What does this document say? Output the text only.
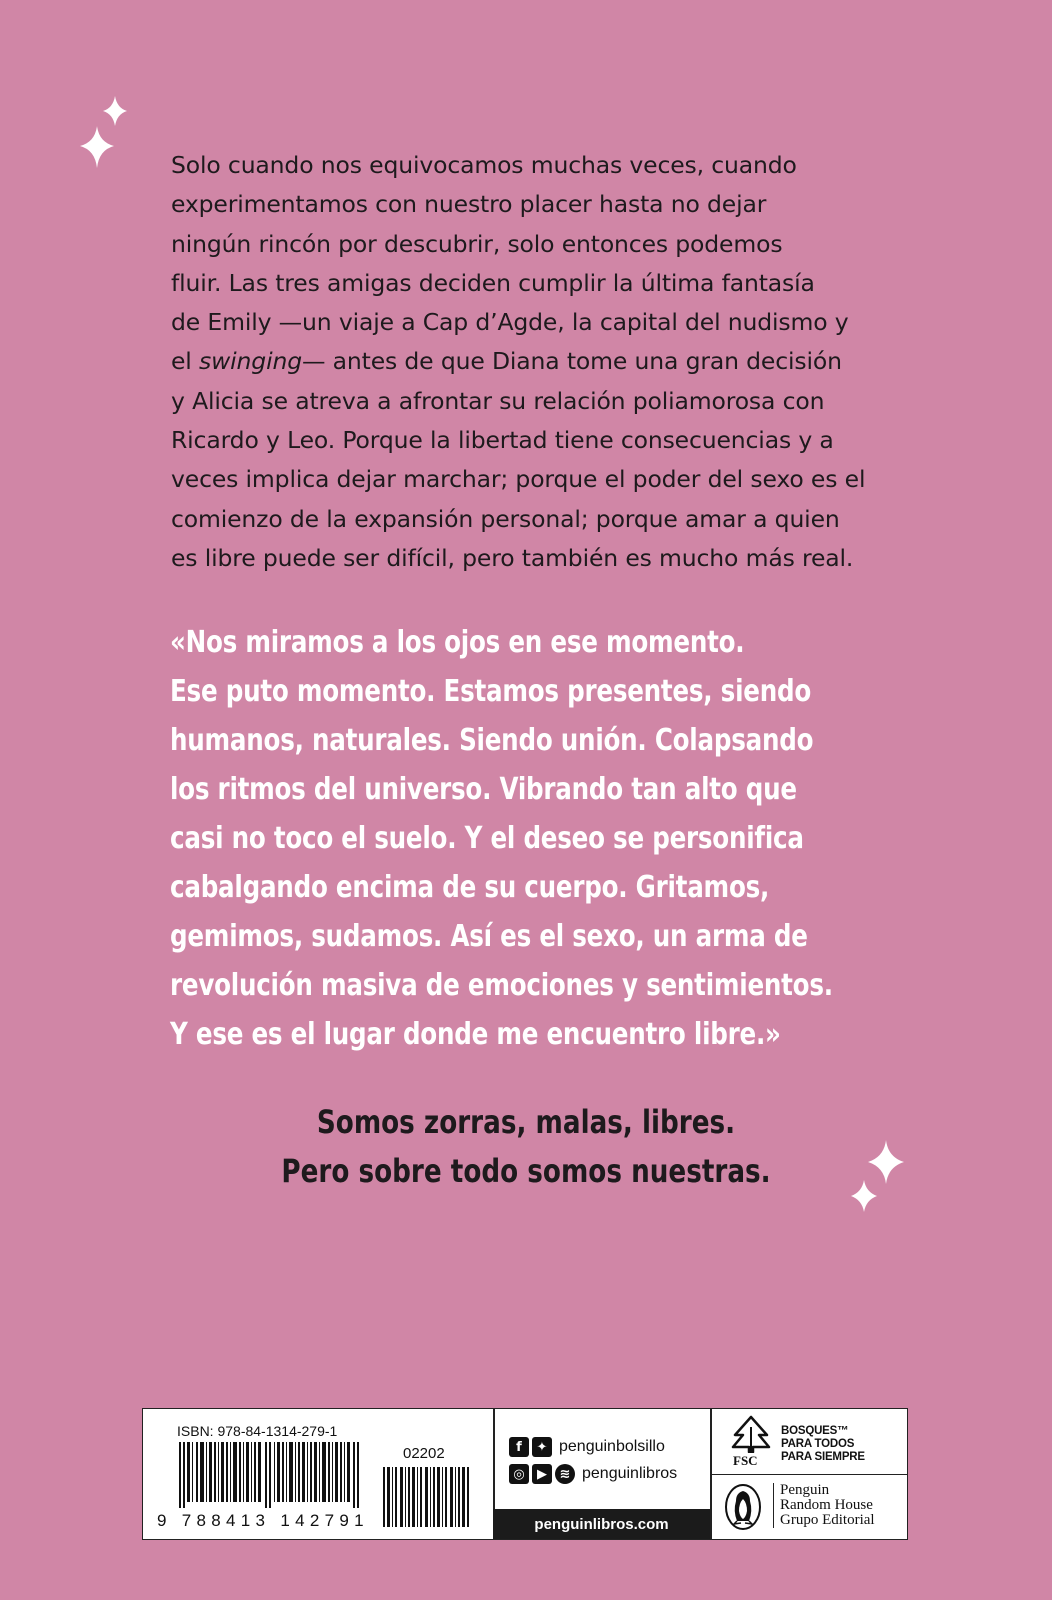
Solo cuando nos equivocamos muchas veces, cuando
experimentamos con nuestro placer hasta no dejar
ningún rincón por descubrir, solo entonces podemos
fluir. Las tres amigas deciden cumplir la última fantasía
de Emily —un viaje a Cap d’Agde, la capital del nudismo y
el swinging— antes de que Diana tome una gran decisión
y Alicia se atreva a afrontar su relación poliamorosa con
Ricardo y Leo. Porque la libertad tiene consecuencias y a
veces implica dejar marchar; porque el poder del sexo es el
comienzo de la expansión personal; porque amar a quien
es libre puede ser difícil, pero también es mucho más real.
«Nos miramos a los ojos en ese momento.
Ese puto momento. Estamos presentes, siendo
humanos, naturales. Siendo unión. Colapsando
los ritmos del universo. Vibrando tan alto que
casi no toco el suelo. Y el deseo se personifica
cabalgando encima de su cuerpo. Gritamos,
gemimos, sudamos. Así es el sexo, un arma de
revolución masiva de emociones y sentimientos.
Y ese es el lugar donde me encuentro libre.»
Somos zorras, malas, libres.
Pero sobre todo somos nuestras.
ISBN: 978-84-1314-279-1
02202
9 788413 142791
f	✦ penguinbolsillo
◎ ▶ ≋ penguinlibros
penguinlibros.com
FSC
BOSQUES™
PARA TODOS
PARA SIEMPRE
Penguin
Random House
Grupo Editorial
